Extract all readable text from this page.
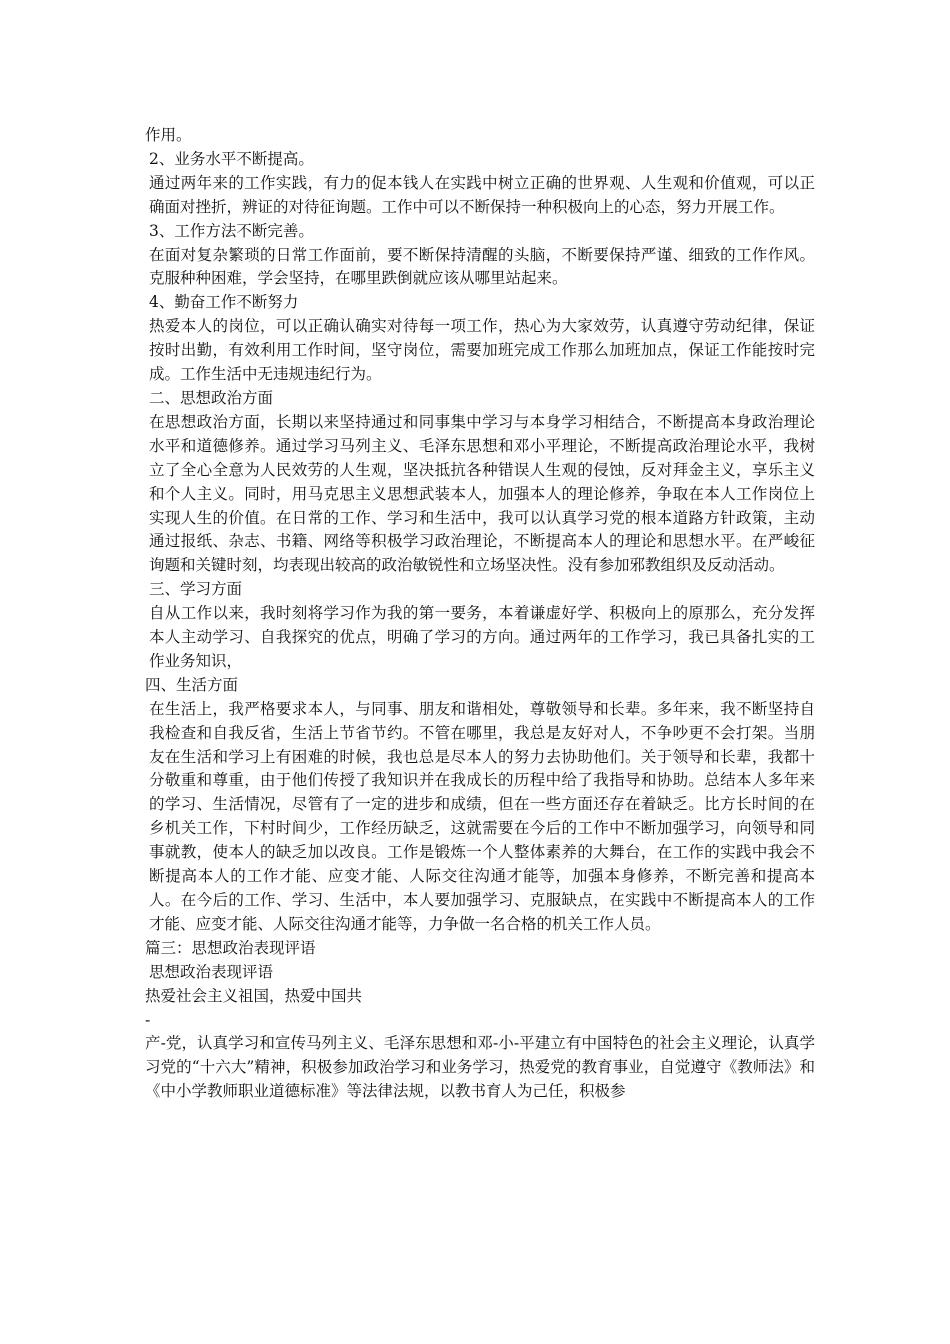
作用。

2、业务水平不断提高。

通过两年来的工作实践，有力的促本钱人在实践中树立正确的世界观、人生观和价值观，可以正确面对挫折，辨证的对待征询题。工作中可以不断保持一种积极向上的心态，努力开展工作。

3、工作方法不断完善。

在面对复杂繁琐的日常工作面前，要不断保持清醒的头脑，不断要保持严谨、细致的工作作风。克服种种困难，学会坚持，在哪里跌倒就应该从哪里站起来。

4、勤奋工作不断努力

热爱本人的岗位，可以正确认确实对待每一项工作，热心为大家效劳，认真遵守劳动纪律，保证按时出勤，有效利用工作时间，坚守岗位，需要加班完成工作那么加班加点，保证工作能按时完成。工作生活中无违规违纪行为。

二、思想政治方面

在思想政治方面，长期以来坚持通过和同事集中学习与本身学习相结合，不断提高本身政治理论水平和道德修养。通过学习马列主义、毛泽东思想和邓小平理论，不断提高政治理论水平，我树立了全心全意为人民效劳的人生观，坚决抵抗各种错误人生观的侵蚀，反对拜金主义，享乐主义和个人主义。同时，用马克思主义思想武装本人，加强本人的理论修养，争取在本人工作岗位上实现人生的价值。在日常的工作、学习和生活中，我可以认真学习党的根本道路方针政策，主动通过报纸、杂志、书籍、网络等积极学习政治理论，不断提高本人的理论和思想水平。在严峻征询题和关键时刻，均表现出较高的政治敏锐性和立场坚决性。没有参加邪教组织及反动活动。

三、学习方面

自从工作以来，我时刻将学习作为我的第一要务，本着谦虚好学、积极向上的原那么，充分发挥本人主动学习、自我探究的优点，明确了学习的方向。通过两年的工作学习，我已具备扎实的工作业务知识，

四、生活方面

在生活上，我严格要求本人，与同事、朋友和谐相处，尊敬领导和长辈。多年来，我不断坚持自我检查和自我反省，生活上节省节约。不管在哪里，我总是友好对人，不争吵更不会打架。当朋友在生活和学习上有困难的时候，我也总是尽本人的努力去协助他们。关于领导和长辈，我都十分敬重和尊重，由于他们传授了我知识并在我成长的历程中给了我指导和协助。总结本人多年来的学习、生活情况，尽管有了一定的进步和成绩，但在一些方面还存在着缺乏。比方长时间的在乡机关工作，下村时间少，工作经历缺乏，这就需要在今后的工作中不断加强学习，向领导和同事就教，使本人的缺乏加以改良。工作是锻炼一个人整体素养的大舞台，在工作的实践中我会不断提高本人的工作才能、应变才能、人际交往沟通才能等，加强本身修养，不断完善和提高本人。在今后的工作、学习、生活中，本人要加强学习、克服缺点，在实践中不断提高本人的工作才能、应变才能、人际交往沟通才能等，力争做一名合格的机关工作人员。

篇三：思想政治表现评语

思想政治表现评语

热爱社会主义祖国，热爱中国共

-

产-党，认真学习和宣传马列主义、毛泽东思想和邓-小-平建立有中国特色的社会主义理论，认真学习党的“十六大”精神，积极参加政治学习和业务学习，热爱党的教育事业，自觉遵守《教师法》和《中小学教师职业道德标准》等法律法规，以教书育人为己任，积极参
